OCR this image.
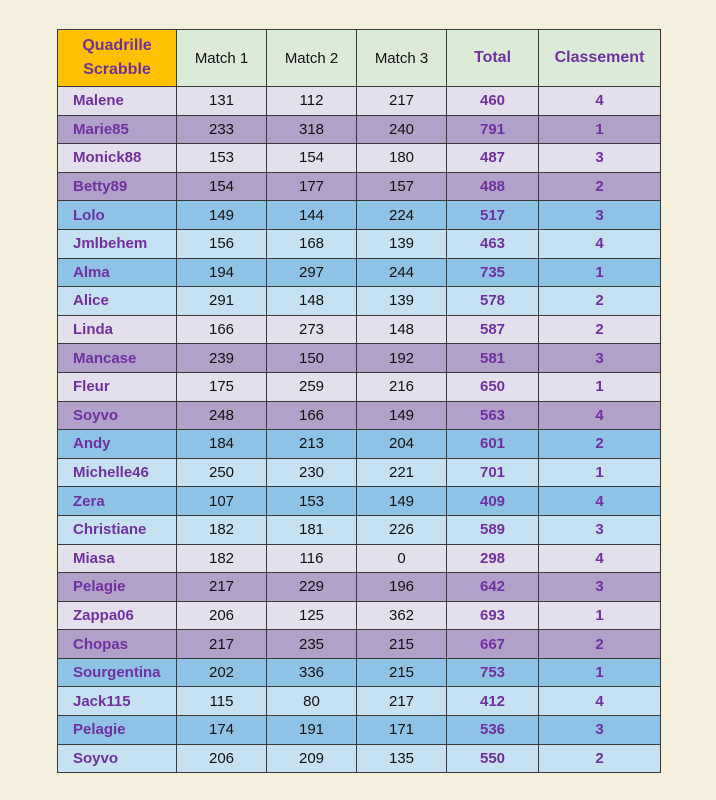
Quadrille
Scrabble	Match 1	Match 2	Match 3	Total	Classement
Malene	131	112	217	460	4
Marie85	233	318	240	791	1
Monick88	153	154	180	487	3
Betty89	154	177	157	488	2
Lolo	149	144	224	517	3
Jmlbehem	156	168	139	463	4
Alma	194	297	244	735	1
Alice	291	148	139	578	2
Linda	166	273	148	587	2
Mancase	239	150	192	581	3
Fleur	175	259	216	650	1
Soyvo	248	166	149	563	4
Andy	184	213	204	601	2
Michelle46	250	230	221	701	1
Zera	107	153	149	409	4
Christiane	182	181	226	589	3
Miasa	182	116	0	298	4
Pelagie	217	229	196	642	3
Zappa06	206	125	362	693	1
Chopas	217	235	215	667	2
Sourgentina	202	336	215	753	1
Jack115	115	80	217	412	4
Pelagie	174	191	171	536	3
Soyvo	206	209	135	550	2
